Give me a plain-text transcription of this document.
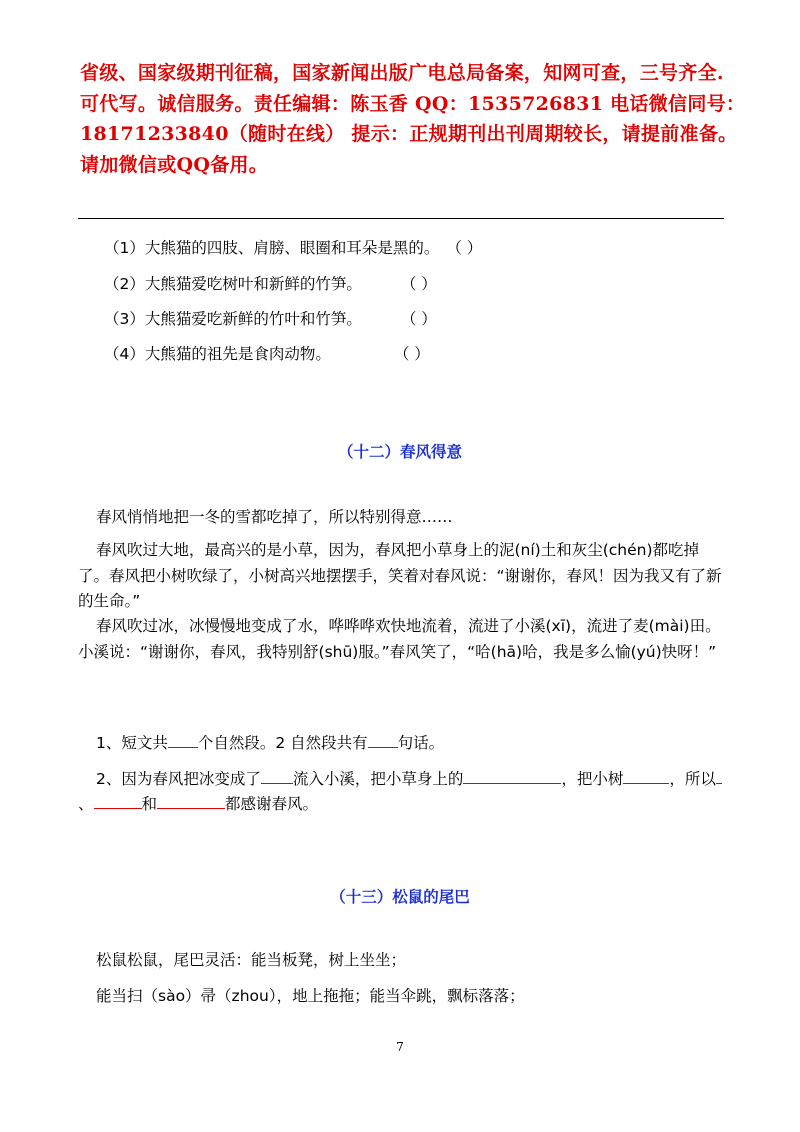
省级、国家级期刊征稿，国家新闻出版广电总局备案，知网可查，三号齐全.
可代写。诚信服务。责任编辑：陈玉香 QQ：1535726831 电话微信同号：
18171233840（随时在线） 提示：正规期刊出刊周期较长，请提前准备。
请加微信或QQ备用。
（1）大熊猫的四肢、肩膀、眼圈和耳朵是黑的。 （ ）
（2）大熊猫爱吃树叶和新鲜的竹笋。	（ ）
（3）大熊猫爱吃新鲜的竹叶和竹笋。	（ ）
（4）大熊猫的祖先是食肉动物。	（ ）
（十二）春风得意
春风悄悄地把一冬的雪都吃掉了，所以特别得意……
春风吹过大地，最高兴的是小草，因为，春风把小草身上的泥(ní)土和灰尘(chén)都吃掉了。春风把小树吹绿了，小树高兴地摆摆手，笑着对春风说：“谢谢你，春风！因为我又有了新的生命。”
春风吹过冰，冰慢慢地变成了水，哗哗哗欢快地流着，流进了小溪(xī)，流进了麦(mài)田。小溪说：“谢谢你，春风，我特别舒(shū)服。”春风笑了，“哈(hā)哈，我是多么愉(yú)快呀！”
1、短文共 个自然段。2 自然段共有 句话。
2、因为春风把冰变成了 流入小溪，把小草身上的	，把小树	，所以
、	和	都感谢春风。
（十三）松鼠的尾巴
松鼠松鼠，尾巴灵活：能当板凳，树上坐坐；
能当扫（sào）帚（zhou），地上拖拖；能当伞跳，飘标落落；
7
